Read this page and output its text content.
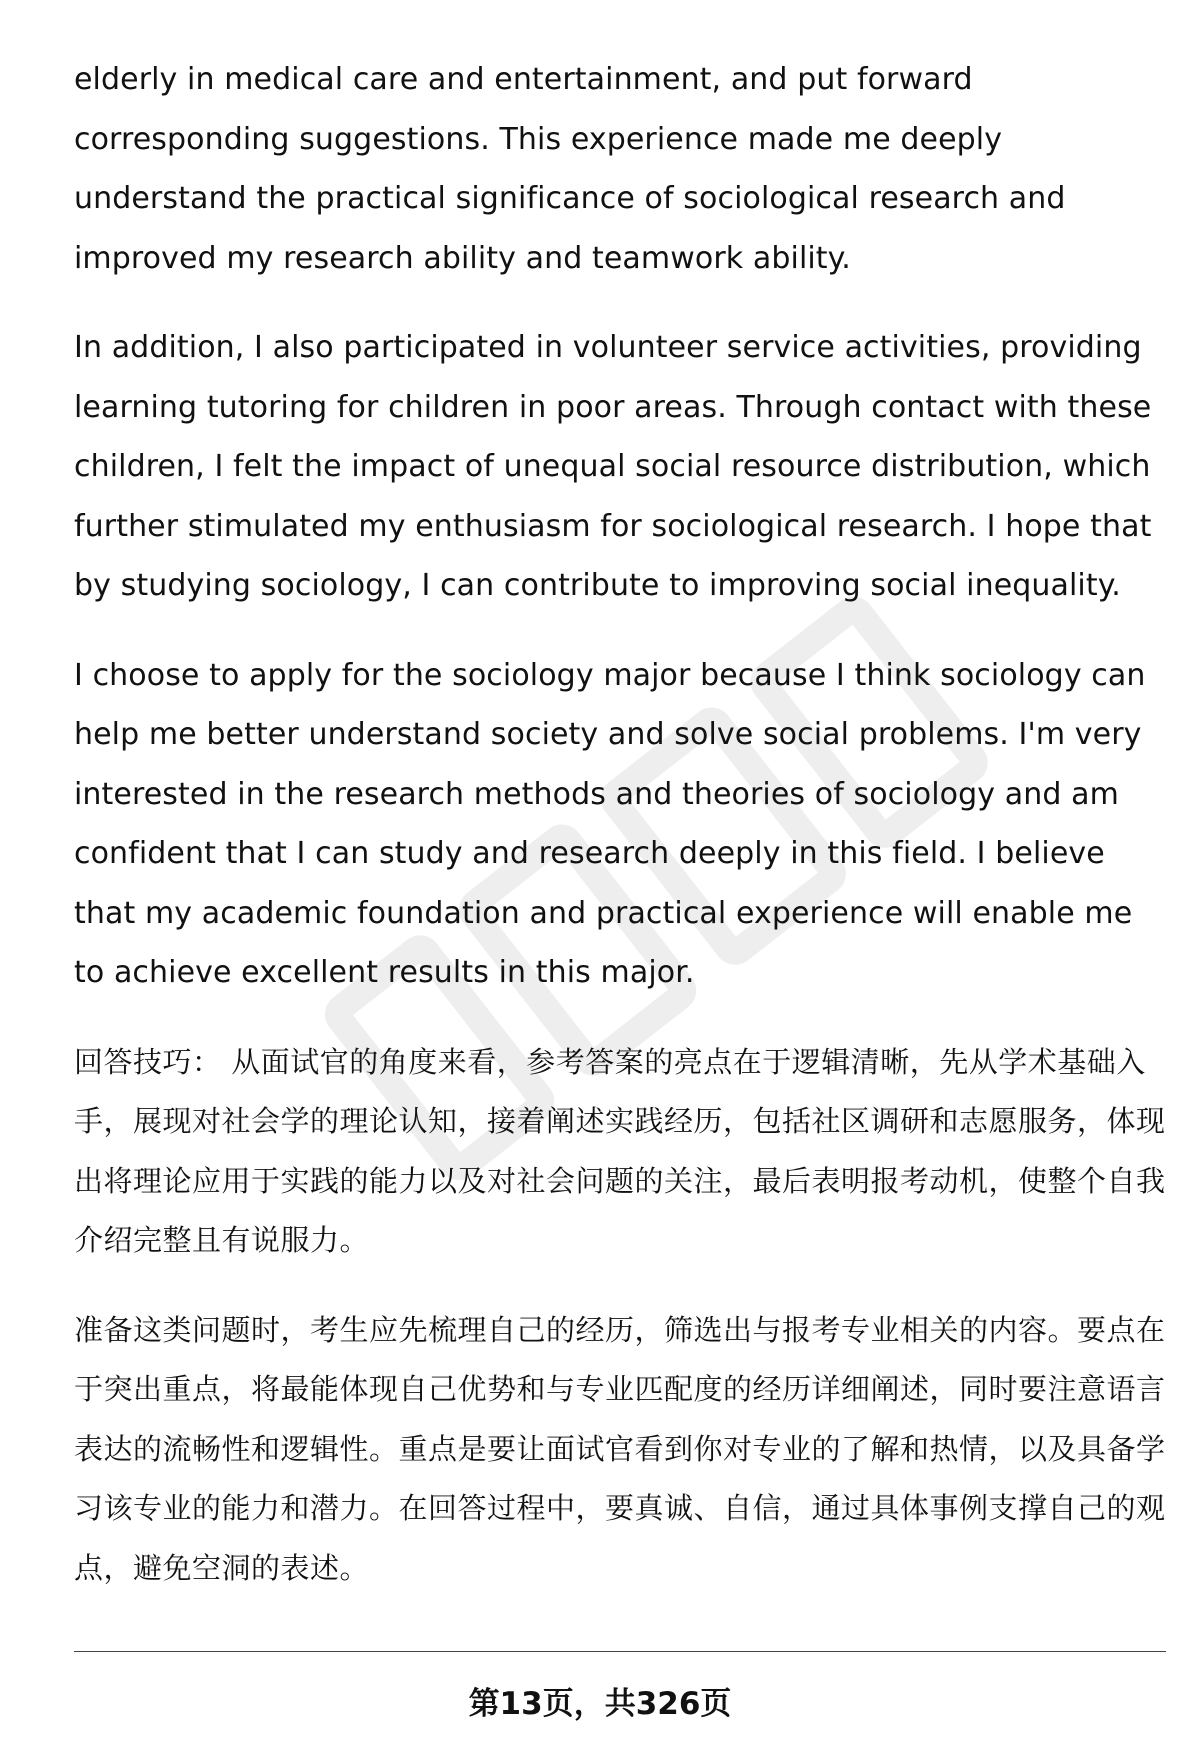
elderly in medical care and entertainment, and put forward corresponding suggestions. This experience made me deeply understand the practical significance of sociological research and improved my research ability and teamwork ability.

In addition, I also participated in volunteer service activities, providing learning tutoring for children in poor areas. Through contact with these children, I felt the impact of unequal social resource distribution, which further stimulated my enthusiasm for sociological research. I hope that by studying sociology, I can contribute to improving social inequality.

I choose to apply for the sociology major because I think sociology can help me better understand society and solve social problems. I'm very interested in the research methods and theories of sociology and am confident that I can study and research deeply in this field. I believe that my academic foundation and practical experience will enable me to achieve excellent results in this major.

回答技巧： 从面试官的角度来看，参考答案的亮点在于逻辑清晰，先从学术基础入手，展现对社会学的理论认知，接着阐述实践经历，包括社区调研和志愿服务，体现出将理论应用于实践的能力以及对社会问题的关注，最后表明报考动机，使整个自我介绍完整且有说服力。

准备这类问题时，考生应先梳理自己的经历，筛选出与报考专业相关的内容。要点在于突出重点，将最能体现自己优势和与专业匹配度的经历详细阐述，同时要注意语言表达的流畅性和逻辑性。重点是要让面试官看到你对专业的了解和热情，以及具备学习该专业的能力和潜力。在回答过程中，要真诚、自信，通过具体事例支撑自己的观点，避免空洞的表述。

第13页，共326页
